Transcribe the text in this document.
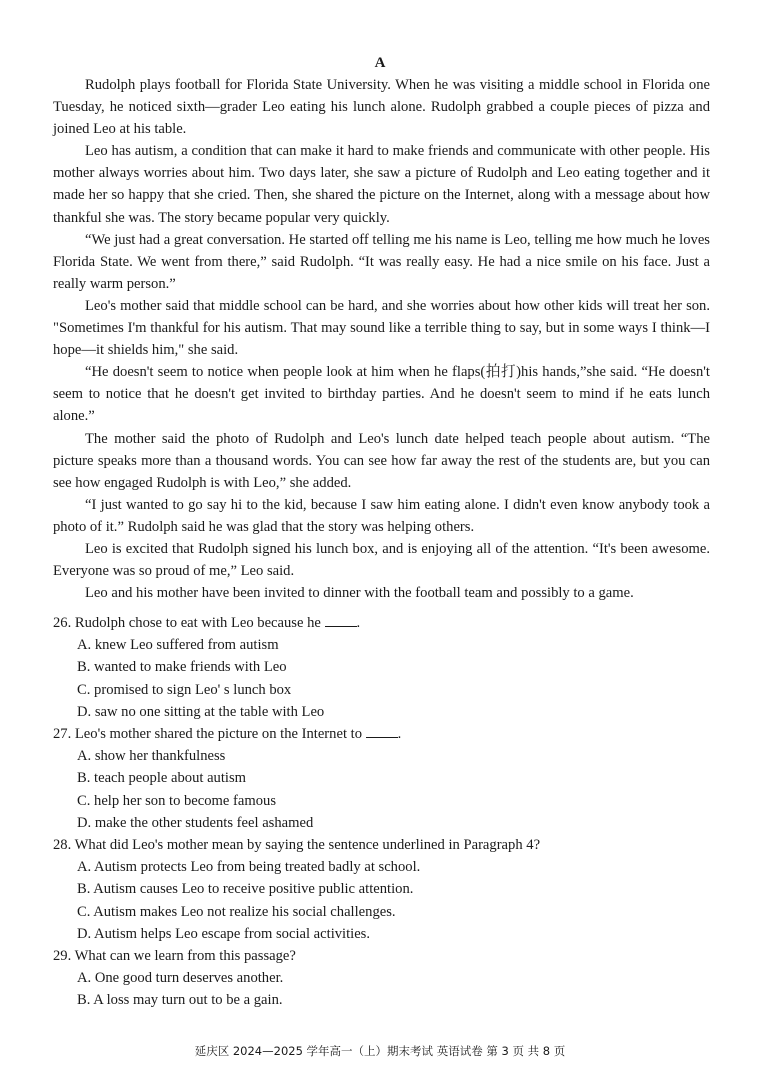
A

Rudolph plays football for Florida State University. When he was visiting a middle school in Florida one Tuesday, he noticed sixth—grader Leo eating his lunch alone. Rudolph grabbed a couple pieces of pizza and joined Leo at his table.

Leo has autism, a condition that can make it hard to make friends and communicate with other people. His mother always worries about him. Two days later, she saw a picture of Rudolph and Leo eating together and it made her so happy that she cried. Then, she shared the picture on the Internet, along with a message about how thankful she was. The story became popular very quickly.

“We just had a great conversation. He started off telling me his name is Leo, telling me how much he loves Florida State. We went from there,” said Rudolph. “It was really easy. He had a nice smile on his face. Just a really warm person.”

Leo's mother said that middle school can be hard, and she worries about how other kids will treat her son. "Sometimes I'm thankful for his autism. That may sound like a terrible thing to say, but in some ways I think—I hope—it shields him," she said.

“He doesn't seem to notice when people look at him when he flaps(拍打)his hands,”she said. “He doesn't seem to notice that he doesn't get invited to birthday parties. And he doesn't seem to mind if he eats lunch alone.”

The mother said the photo of Rudolph and Leo's lunch date helped teach people about autism. “The picture speaks more than a thousand words. You can see how far away the rest of the students are, but you can see how engaged Rudolph is with Leo,” she added.

“I just wanted to go say hi to the kid, because I saw him eating alone. I didn't even know anybody took a photo of it.” Rudolph said he was glad that the story was helping others.

Leo is excited that Rudolph signed his lunch box, and is enjoying all of the attention. “It's been awesome. Everyone was so proud of me,” Leo said.

Leo and his mother have been invited to dinner with the football team and possibly to a game.

26. Rudolph chose to eat with Leo because he .

A. knew Leo suffered from autism

B. wanted to make friends with Leo

C. promised to sign Leo' s lunch box

D. saw no one sitting at the table with Leo

27. Leo's mother shared the picture on the Internet to .

A. show her thankfulness

B. teach people about autism

C. help her son to become famous

D. make the other students feel ashamed

28. What did Leo's mother mean by saying the sentence underlined in Paragraph 4?

A. Autism protects Leo from being treated badly at school.

B. Autism causes Leo to receive positive public attention.

C. Autism makes Leo not realize his social challenges.

D. Autism helps Leo escape from social activities.

29. What can we learn from this passage?

A. One good turn deserves another.

B. A loss may turn out to be a gain.

延庆区 2024—2025 学年高一（上）期末考试 英语试卷 第 3 页 共 8 页
